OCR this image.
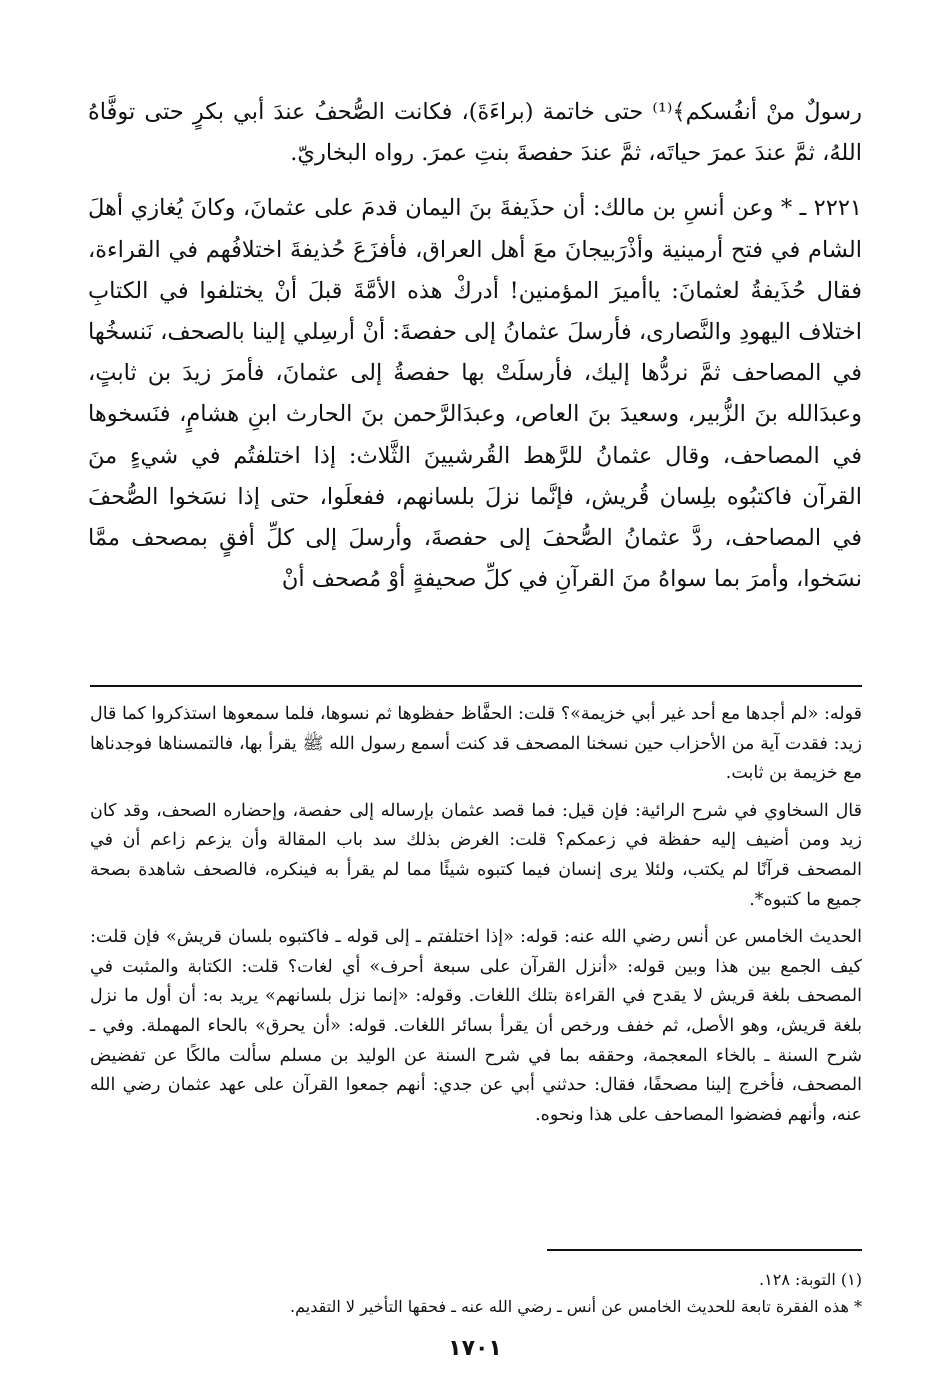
رسولٌ منْ أنفُسكم﴾⁽¹⁾ حتى خاتمة (براءَةَ)، فكانت الصُّحفُ عندَ أبي بكرٍ حتى توفَّاهُ اللهُ، ثمَّ عندَ عمرَ حياتَه، ثمَّ عندَ حفصةَ بنتِ عمرَ. رواه البخاريّ.

٢٢٢١ ـ * وعن أنسِ بن مالك: أن حذَيفةَ بنَ اليمان قدمَ على عثمانَ، وكانَ يُغازي أهلَ الشام في فتح أرمينية وأذْرَبيجانَ معَ أهل العراق، فأفزَعَ حُذيفةَ اختلافُهم في القراءة، فقال حُذَيفةُ لعثمانَ: ياأميرَ المؤمنين! أدركْ هذه الأمَّةَ قبلَ أنْ يختلفوا في الكتابِ اختلاف اليهودِ والنَّصارى، فأرسلَ عثمانُ إلى حفصةَ: أنْ أرسِلي إلينا بالصحف، نَنسخُها في المصاحف ثمَّ نردُّها إليك، فأرسلَتْ بها حفصةُ إلى عثمانَ، فأمرَ زيدَ بن ثابتٍ، وعبدَالله بنَ الزُّبير، وسعيدَ بنَ العاص، وعبدَالرَّحمن بنَ الحارث ابنِ هشامٍ، فنَسخوها في المصاحف، وقال عثمانُ للرَّهط القُرشيينَ الثَّلاث: إذا اختلفتُم في شيءٍ منَ القرآن فاكتبُوه بلِسان قُريش، فإنَّما نزلَ بلسانهم، ففعلَوا، حتى إذا نسَخوا الصُّحفَ في المصاحف، ردَّ عثمانُ الصُّحفَ إلى حفصةَ، وأرسلَ إلى كلِّ أفقٍ بمصحف ممَّا نسَخوا، وأمرَ بما سواهُ منَ القرآنِ في كلِّ صحيفةٍ أوْ مُصحف أنْ

قوله: «لم أجدها مع أحد غير أبي خزيمة»؟ قلت: الحفَّاظ حفظوها ثم نسوها، فلما سمعوها استذكروا كما قال زيد: فقدت آية من الأحزاب حين نسخنا المصحف قد كنت أسمع رسول الله ﷺ يقرأ بها، فالتمسناها فوجدناها مع خزيمة بن ثابت.

قال السخاوي في شرح الرائية: فإن قيل: فما قصد عثمان بإرساله إلى حفصة، وإحضاره الصحف، وقد كان زيد ومن أضيف إليه حفظة في زعمكم؟ قلت: الغرض بذلك سد باب المقالة وأن يزعم زاعم أن في المصحف قرآنًا لم يكتب، ولئلا يرى إنسان فيما كتبوه شيئًا مما لم يقرأ به فينكره، فالصحف شاهدة بصحة جميع ما كتبوه*.

الحديث الخامس عن أنس رضي الله عنه: قوله: «إذا اختلفتم ـ إلى قوله ـ فاكتبوه بلسان قريش» فإن قلت: كيف الجمع بين هذا وبين قوله: «أنزل القرآن على سبعة أحرف» أي لغات؟ قلت: الكتابة والمثبت في المصحف بلغة قريش لا يقدح في القراءة بتلك اللغات. وقوله: «إنما نزل بلسانهم» يريد به: أن أول ما نزل بلغة قريش، وهو الأصل، ثم خفف ورخص أن يقرأ بسائر اللغات. قوله: «أن يحرق» بالحاء المهملة. وفي ـ شرح السنة ـ بالخاء المعجمة، وحققه بما في شرح السنة عن الوليد بن مسلم سألت مالكًا عن تفضيض المصحف، فأخرج إلينا مصحفًا، فقال: حدثني أبي عن جدي: أنهم جمعوا القرآن على عهد عثمان رضي الله عنه، وأنهم فضضوا المصاحف على هذا ونحوه.

(١) التوبة: ١٢٨.

* هذه الفقرة تابعة للحديث الخامس عن أنس ـ رضي الله عنه ـ فحقها التأخير لا التقديم.

١٧٠١
